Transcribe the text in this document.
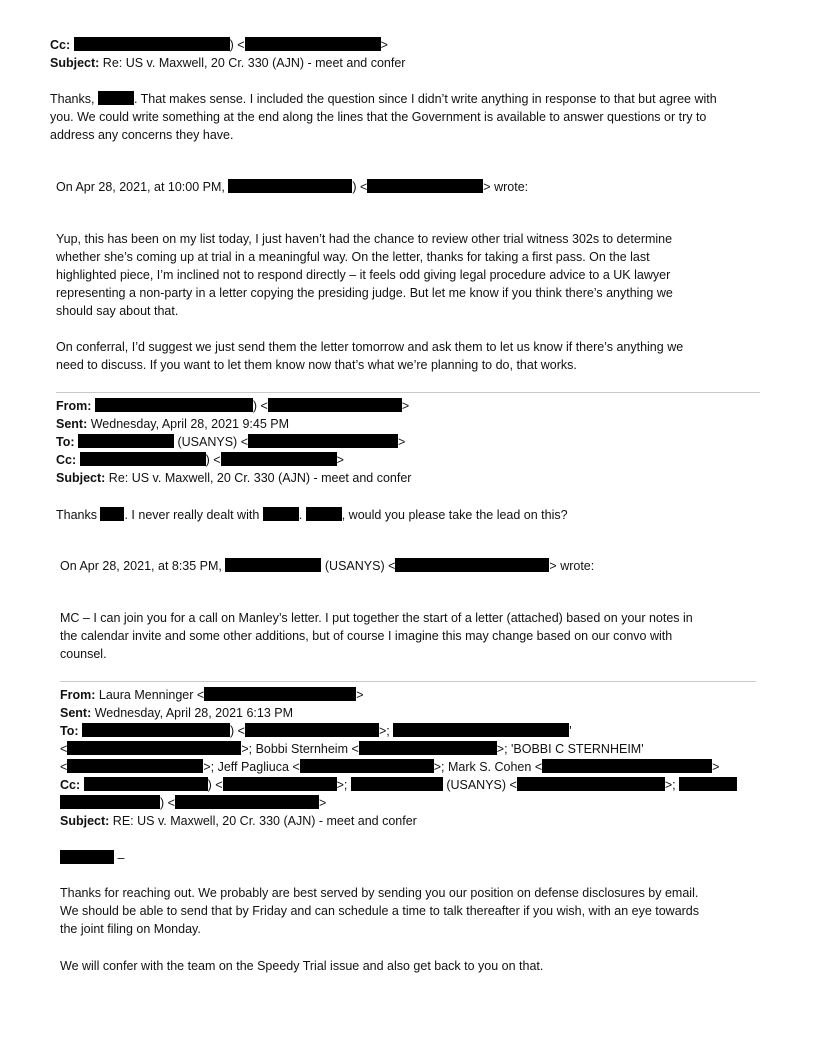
Cc:	) <	>
Subject: Re: US v. Maxwell, 20 Cr. 330 (AJN) - meet and confer
Thanks,	. That makes sense. I included the question since I didn’t write anything in response to that but agree with
you. We could write something at the end along the lines that the Government is available to answer questions or try to
address any concerns they have.
On Apr 28, 2021, at 10:00 PM,	) <	> wrote:
Yup, this has been on my list today, I just haven’t had the chance to review other trial witness 302s to determine
whether she’s coming up at trial in a meaningful way. On the letter, thanks for taking a first pass. On the last
highlighted piece, I’m inclined not to respond directly – it feels odd giving legal procedure advice to a UK lawyer
representing a non-party in a letter copying the presiding judge. But let me know if you think there’s anything we
should say about that.
On conferral, I’d suggest we just send them the letter tomorrow and ask them to let us know if there’s anything we
need to discuss. If you want to let them know now that’s what we’re planning to do, that works.
From:	) <	>
Sent: Wednesday, April 28, 2021 9:45 PM
To:	(USANYS) <	>
Cc:	) <	>
Subject: Re: US v. Maxwell, 20 Cr. 330 (AJN) - meet and confer
Thanks . I never really dealt with	.	, would you please take the lead on this?
On Apr 28, 2021, at 8:35 PM,	(USANYS) <	> wrote:
MC – I can join you for a call on Manley’s letter. I put together the start of a letter (attached) based on your notes in
the calendar invite and some other additions, but of course I imagine this may change based on our convo with
counsel.
From: Laura Menninger <	>
Sent: Wednesday, April 28, 2021 6:13 PM
To:	) <	>;	'
<	>; Bobbi Sternheim <	>; 'BOBBI C STERNHEIM'
<	>; Jeff Pagliuca <	>; Mark S. Cohen <	>
Cc:	) <	>;	(USANYS) <	>;
) <	>
Subject: RE: US v. Maxwell, 20 Cr. 330 (AJN) - meet and confer
–
Thanks for reaching out. We probably are best served by sending you our position on defense disclosures by email.
We should be able to send that by Friday and can schedule a time to talk thereafter if you wish, with an eye towards
the joint filing on Monday.
We will confer with the team on the Speedy Trial issue and also get back to you on that.
